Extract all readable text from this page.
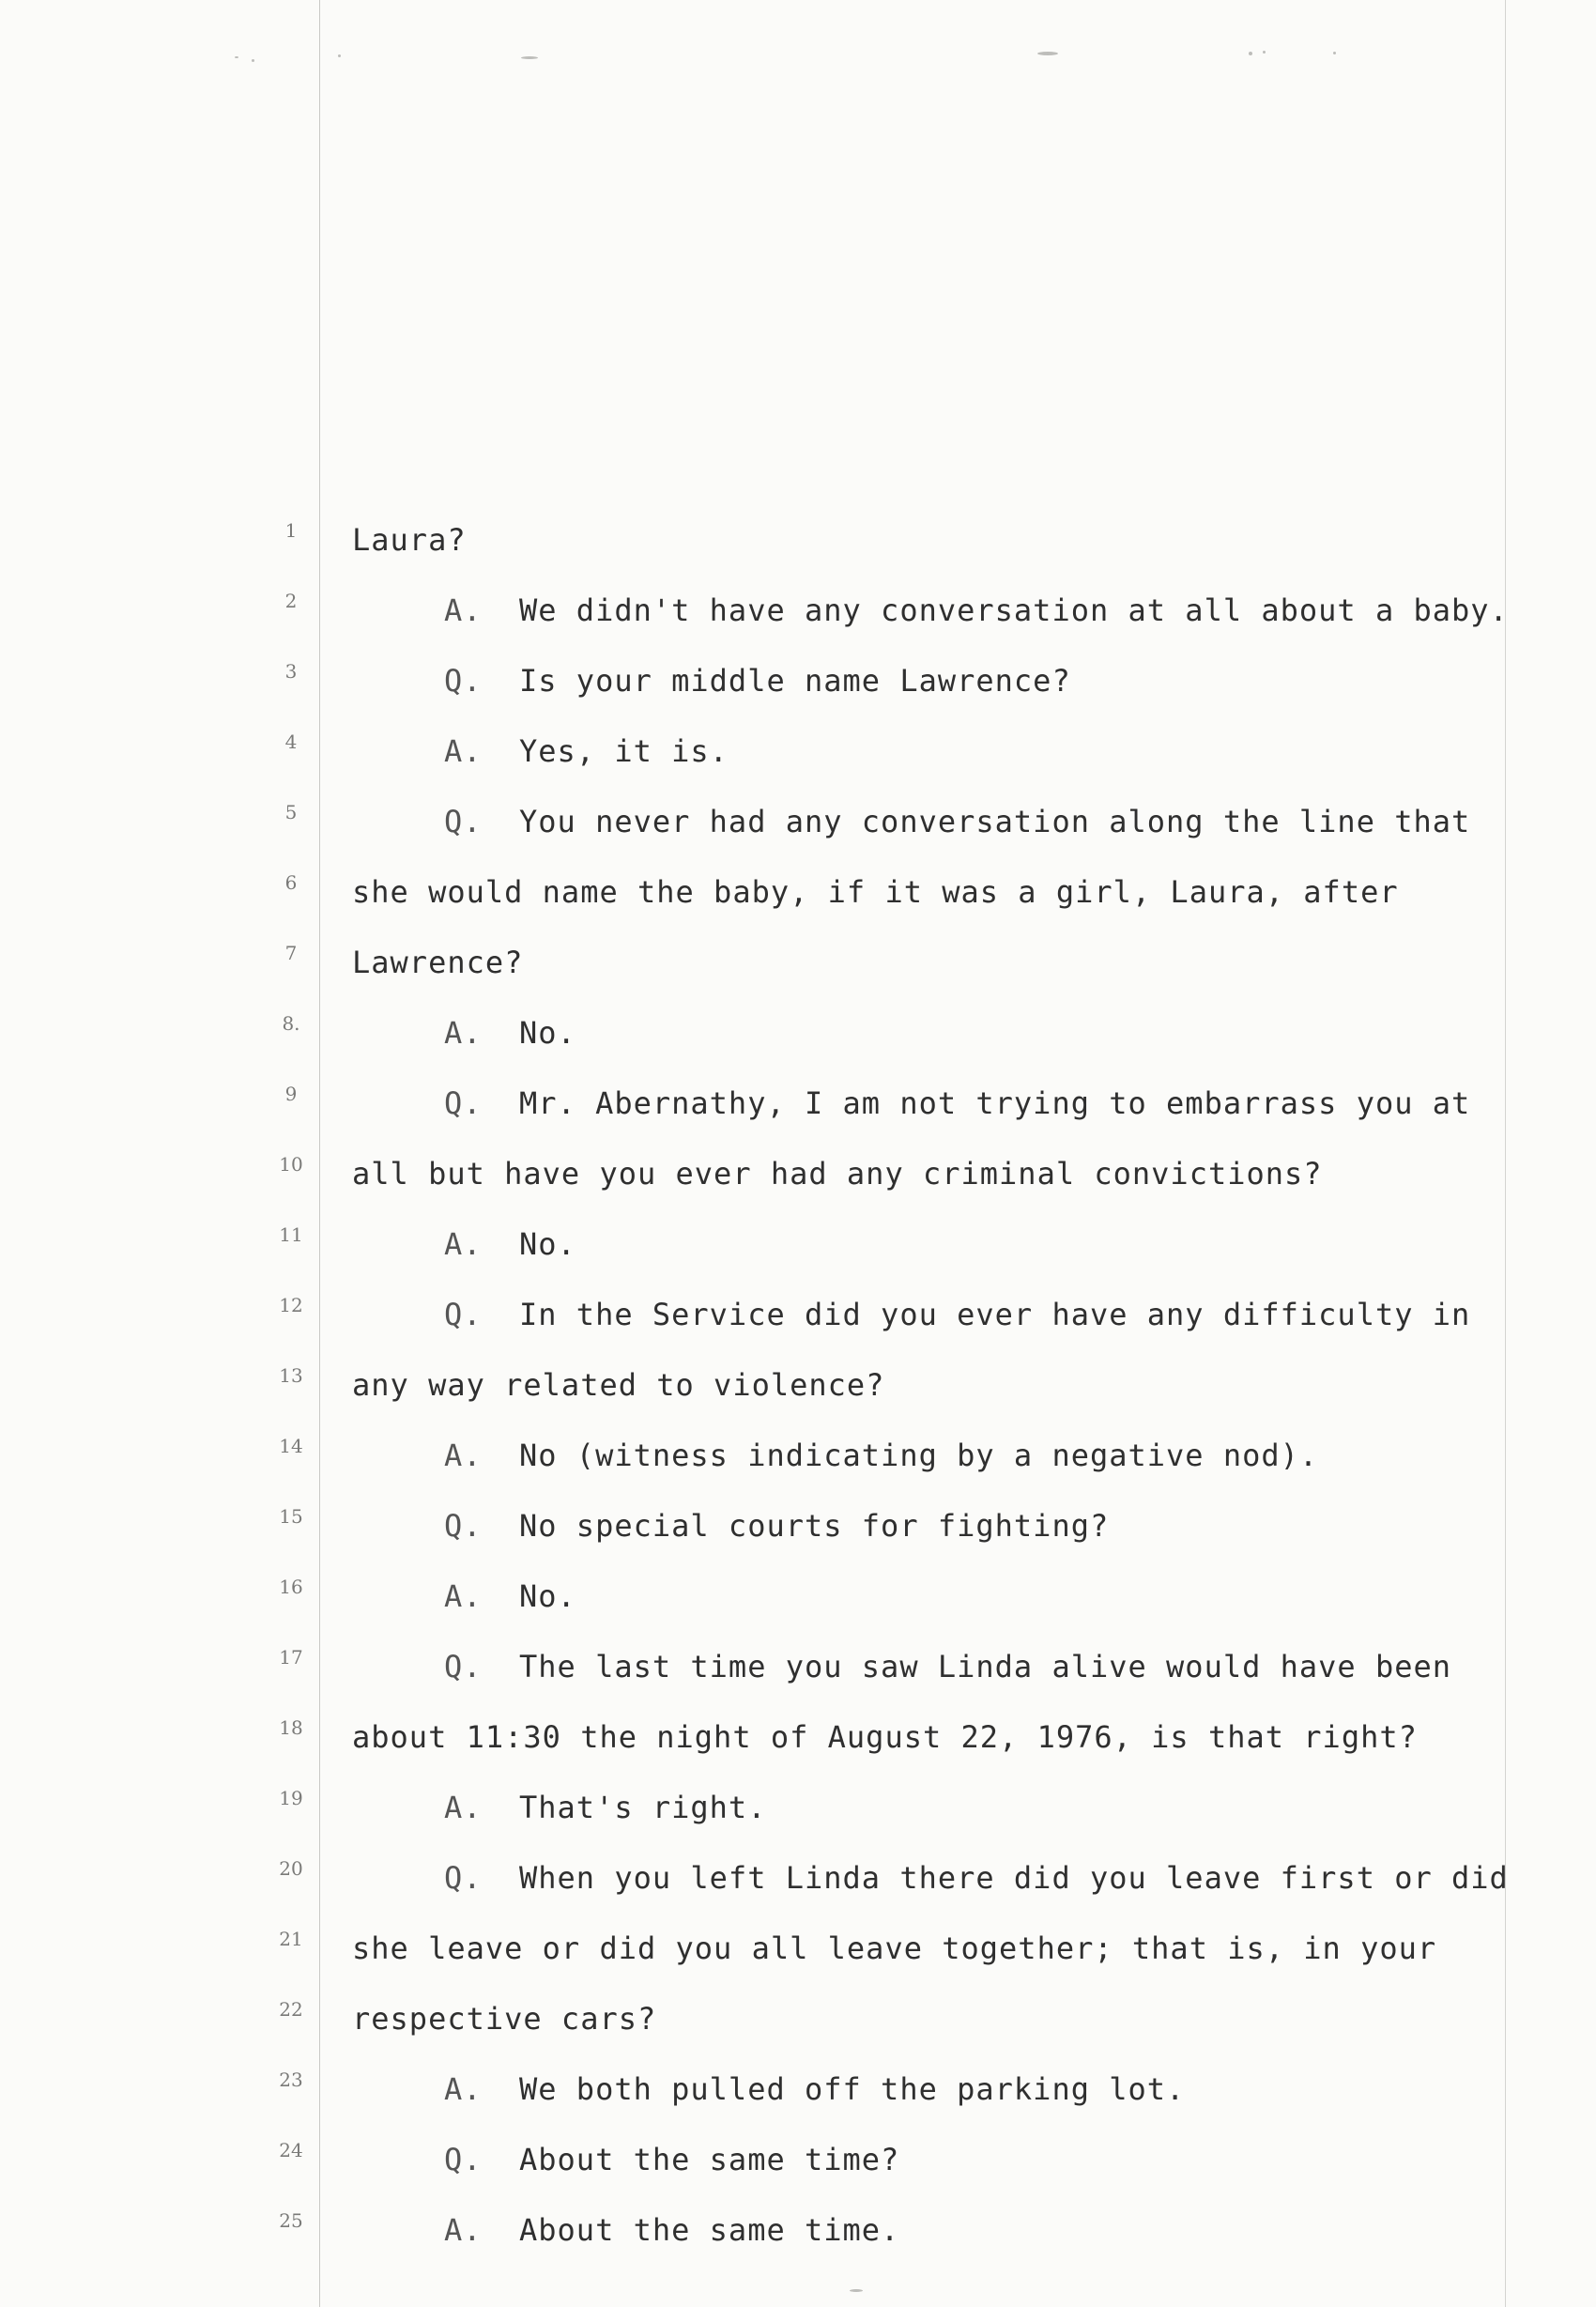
1
2
3
4
5
6
7
8.
9
10
11
12
13
14
15
16
17
18
19
20
21
22
23
24
25
Laura?
A. We didn't have any conversation at all about a baby.
Q. Is your middle name Lawrence?
A. Yes, it is.
Q. You never had any conversation along the line that
she would name the baby, if it was a girl, Laura, after
Lawrence?
A. No.
Q. Mr. Abernathy, I am not trying to embarrass you at
all but have you ever had any criminal convictions?
A. No.
Q. In the Service did you ever have any difficulty in
any way related to violence?
A. No (witness indicating by a negative nod).
Q. No special courts for fighting?
A. No.
Q. The last time you saw Linda alive would have been
about 11:30 the night of August 22, 1976, is that right?
A. That's right.
Q. When you left Linda there did you leave first or did
she leave or did you all leave together; that is, in your
respective cars?
A. We both pulled off the parking lot.
Q. About the same time?
A. About the same time.
